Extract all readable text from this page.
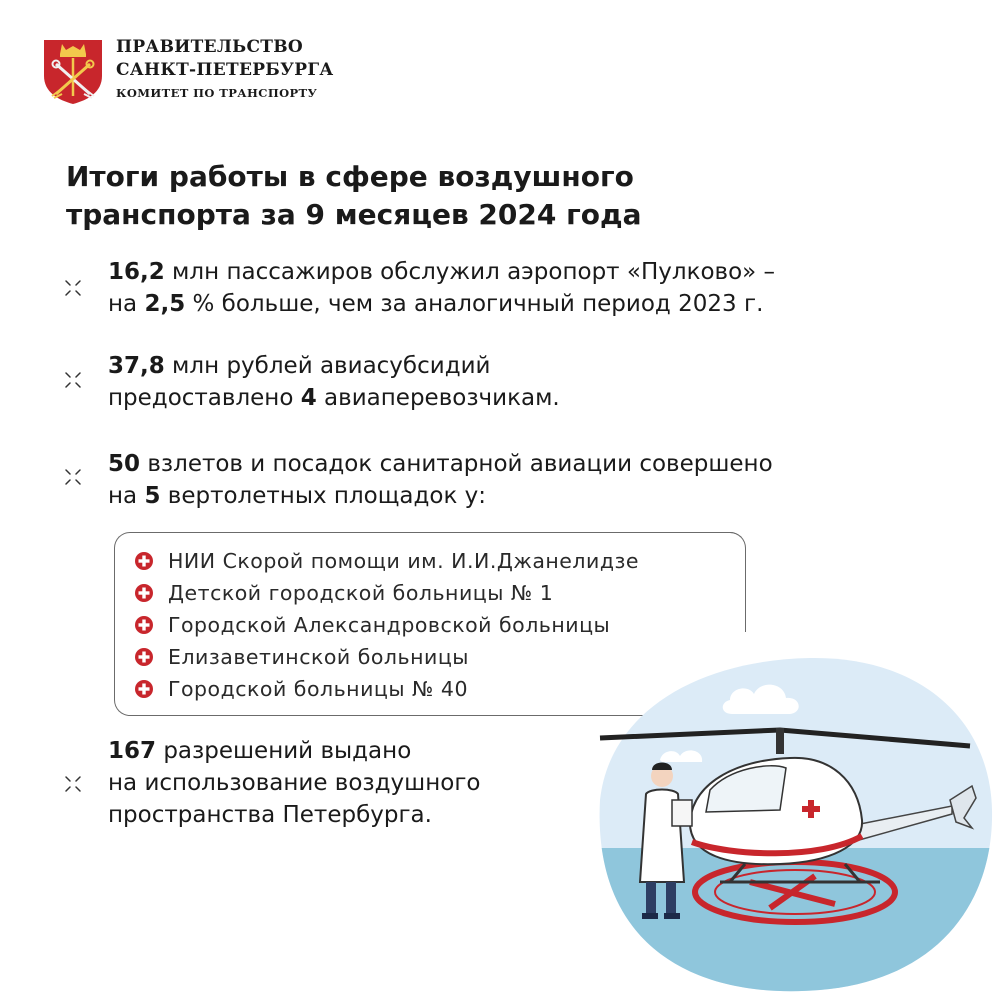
ПРАВИТЕЛЬСТВО
САНКТ-ПЕТЕРБУРГА
КОМИТЕТ ПО ТРАНСПОРТУ
Итоги работы в сфере воздушного
транспорта за 9 месяцев 2024 года
16,2 млн пассажиров обслужил аэропорт «Пулково» –
на 2,5 % больше, чем за аналогичный период 2023 г.
37,8 млн рублей авиасубсидий
предоставлено 4 авиаперевозчикам.
50 взлетов и посадок санитарной авиации совершено
на 5 вертолетных площадок у:
НИИ Скорой помощи им. И.И.Джанелидзе
Детской городской больницы № 1
Городской Александровской больницы
Елизаветинской больницы
Городской больницы № 40
167 разрешений выдано
на использование воздушного
пространства Петербурга.
